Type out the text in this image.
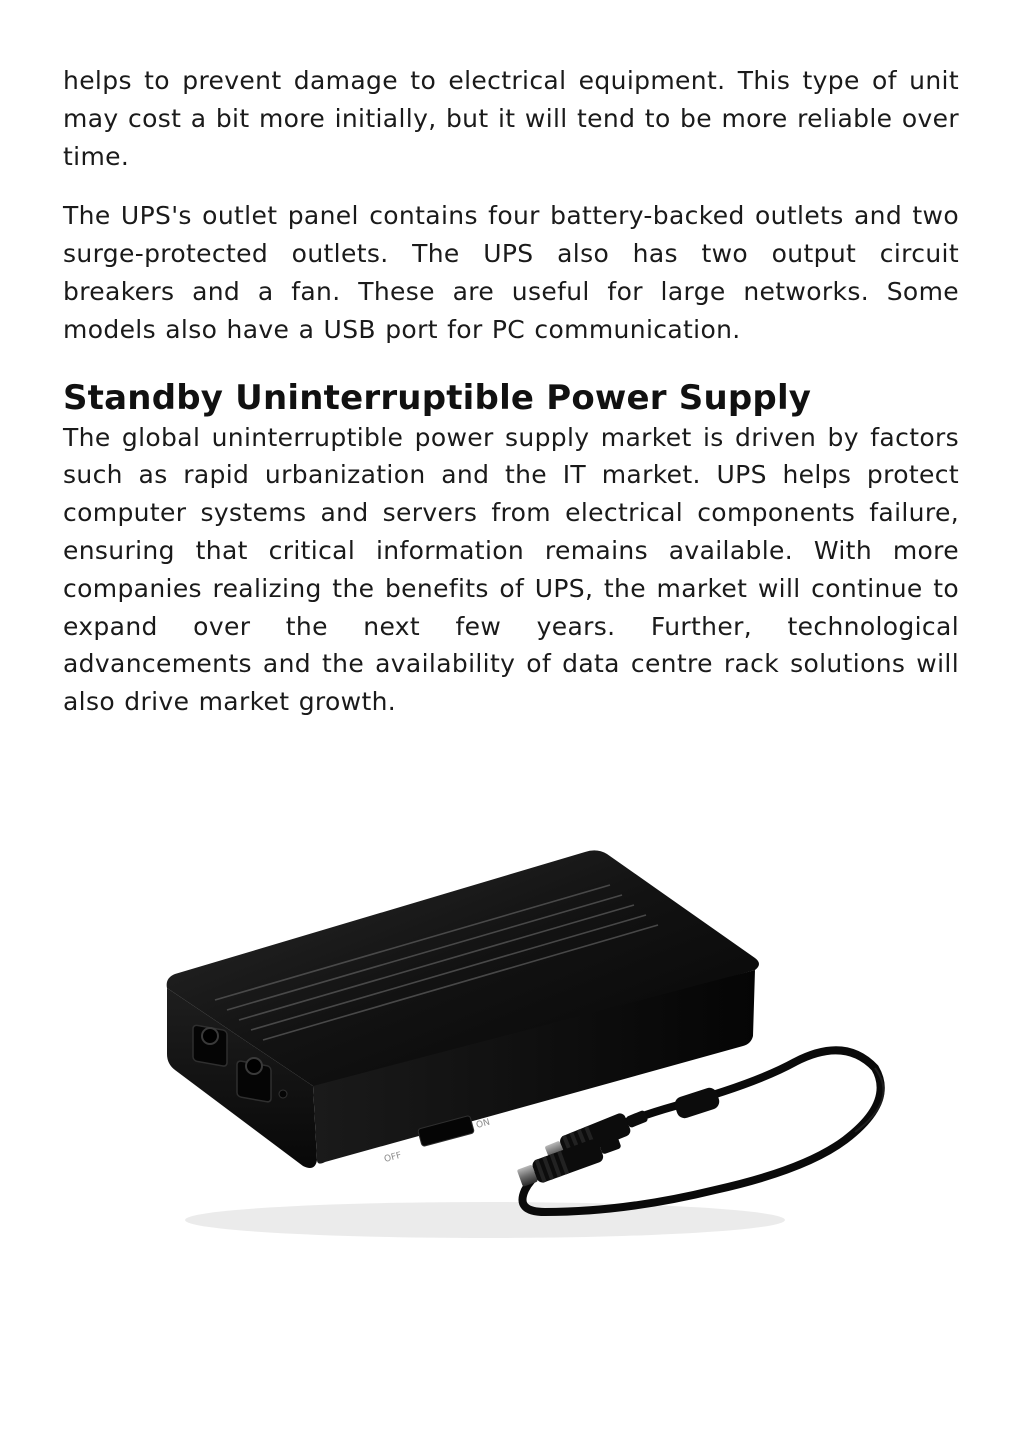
helps to prevent damage to electrical equipment. This type of unit may cost a bit more initially, but it will tend to be more reliable over time.

The UPS's outlet panel contains four battery-backed outlets and two surge-protected outlets. The UPS also has two output circuit breakers and a fan. These are useful for large networks. Some models also have a USB port for PC communication.

Standby Uninterruptible Power Supply

The global uninterruptible power supply market is driven by factors such as rapid urbanization and the IT market. UPS helps protect computer systems and servers from electrical components failure, ensuring that critical information remains available. With more companies realizing the benefits of UPS, the market will continue to expand over the next few years. Further, technological advancements and the availability of data centre rack solutions will also drive market growth.

OFF
ON
